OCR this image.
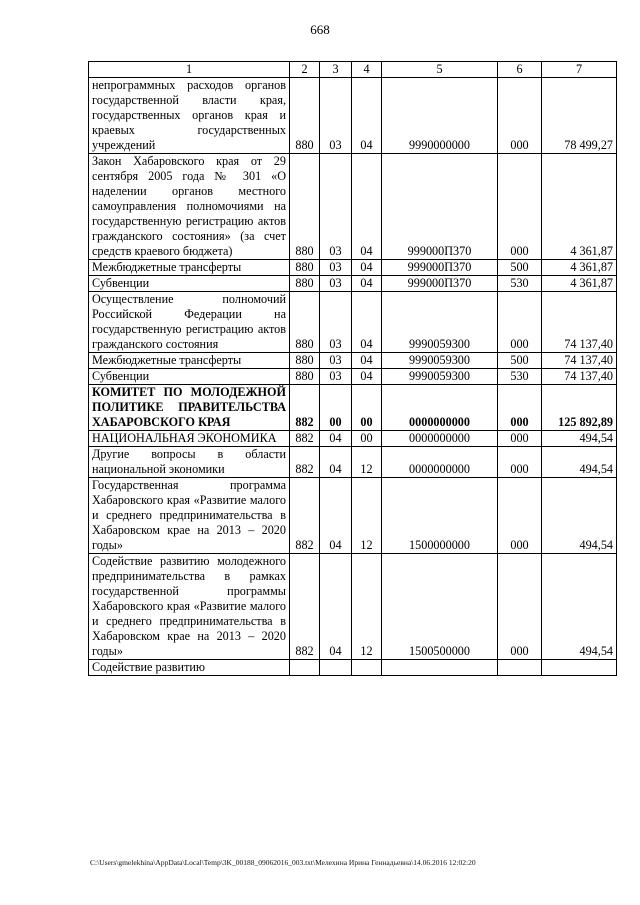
668
1	2	3	4	5	6	7
непрограммных расходов органов государственной власти края, государственных органов края и краевых государственных учреждений	880	03	04	9990000000	000	78 499,27
Закон Хабаровского края от 29 сентября 2005 года № 301 «О наделении органов местного самоуправления полномочиями на государственную регистрацию актов гражданского состояния» (за счет средств краевого бюджета)	880	03	04	999000П370	000	4 361,87
Межбюджетные трансферты	880	03	04	999000П370	500	4 361,87
Субвенции	880	03	04	999000П370	530	4 361,87
Осуществление полномочий Российской Федерации на государственную регистрацию актов гражданского состояния	880	03	04	9990059300	000	74 137,40
Межбюджетные трансферты	880	03	04	9990059300	500	74 137,40
Субвенции	880	03	04	9990059300	530	74 137,40
КОМИТЕТ ПО МОЛОДЕЖНОЙ ПОЛИТИКЕ ПРАВИТЕЛЬСТВА ХАБАРОВСКОГО КРАЯ	882	00	00	0000000000	000	125 892,89
НАЦИОНАЛЬНАЯ ЭКОНОМИКА	882	04	00	0000000000	000	494,54
Другие вопросы в области национальной экономики	882	04	12	0000000000	000	494,54
Государственная программа Хабаровского края «Развитие малого и среднего предпринимательства в Хабаровском крае на 2013 – 2020 годы»	882	04	12	1500000000	000	494,54
Содействие развитию молодежного предпринимательства в рамках государственной программы Хабаровского края «Развитие малого и среднего предпринимательства в Хабаровском крае на 2013 – 2020 годы»	882	04	12	1500500000	000	494,54
Содействие развитию						
C:\Users\gmelekhina\AppData\Local\Temp\3K_00188_09062016_003.txt\Мелехина Ирина Геннадьевна\14.06.2016 12:02:20
